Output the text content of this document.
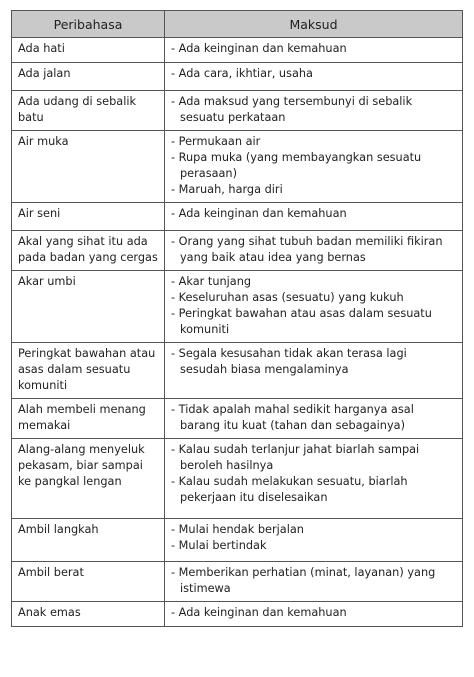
Peribahasa	Maksud
Ada hati	- Ada keinginan dan kemahuan

Ada jalan	- Ada cara, ikhtiar, usaha

Ada udang di sebalik batu	- Ada maksud yang tersembunyi di sebalik sesuatu perkataan

Air muka	- Permukaan air
- Rupa muka (yang membayangkan sesuatu perasaan)
- Maruah, harga diri

Air seni	- Ada keinginan dan kemahuan

Akal yang sihat itu ada pada badan yang cergas	- Orang yang sihat tubuh badan memiliki fikiran yang baik atau idea yang bernas

Akar umbi	- Akar tunjang
- Keseluruhan asas (sesuatu) yang kukuh
- Peringkat bawahan atau asas dalam sesuatu komuniti

Peringkat bawahan atau asas dalam sesuatu komuniti	- Segala kesusahan tidak akan terasa lagi sesudah biasa mengalaminya

Alah membeli menang memakai	- Tidak apalah mahal sedikit harganya asal barang itu kuat (tahan dan sebagainya)

Alang-alang menyeluk pekasam, biar sampai ke pangkal lengan	- Kalau sudah terlanjur jahat biarlah sampai beroleh hasilnya
- Kalau sudah melakukan sesuatu, biarlah pekerjaan itu diselesaikan

Ambil langkah	- Mulai hendak berjalan
- Mulai bertindak

Ambil berat	- Memberikan perhatian (minat, layanan) yang istimewa

Anak emas	- Ada keinginan dan kemahuan
